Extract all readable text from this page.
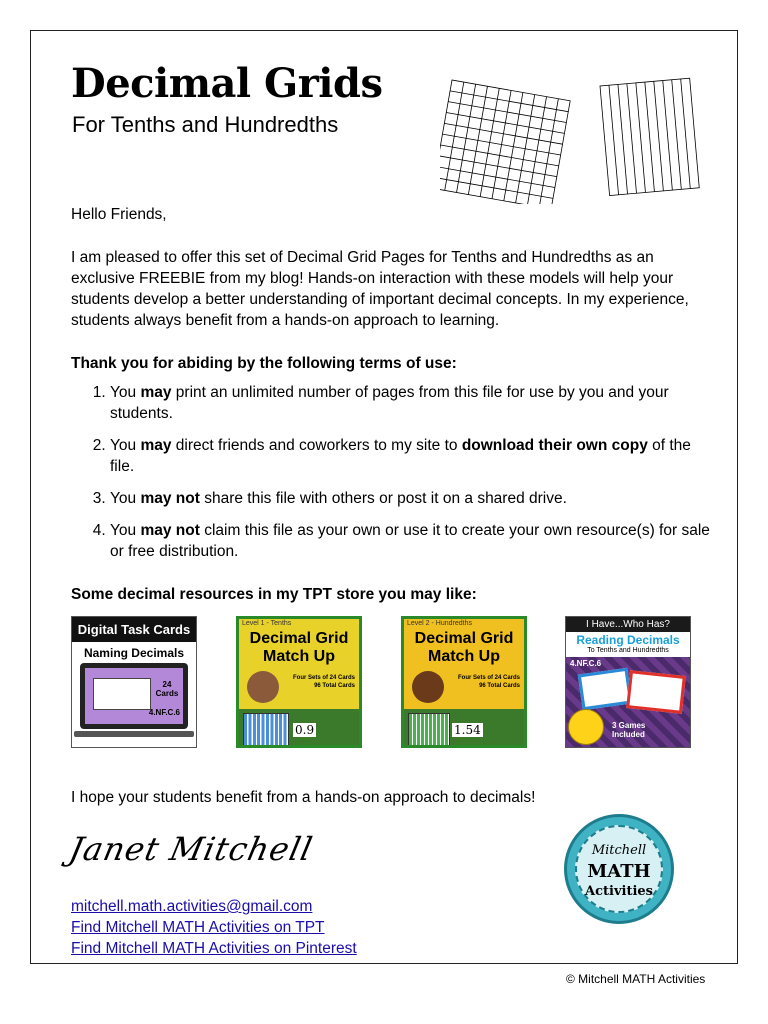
Decimal Grids
For Tenths and Hundredths

Hello Friends,

I am pleased to offer this set of Decimal Grid Pages for Tenths and Hundredths as an exclusive FREEBIE from my blog! Hands-on interaction with these models will help your students develop a better understanding of important decimal concepts. In my experience, students always benefit from a hands-on approach to learning.

Thank you for abiding by the following terms of use:

1. You may print an unlimited number of pages from this file for use by you and your students.
2. You may direct friends and coworkers to my site to download their own copy of the file.
3. You may not share this file with others or post it on a shared drive.
4. You may not claim this file as your own or use it to create your own resource(s) for sale or free distribution.

Some decimal resources in my TPT store you may like:

Digital Task Cards
Naming Decimals
24 Cards
4.NF.C.6
Level 1 - Tenths
Decimal Grid
Match Up
Four Sets of 24 Cards
96 Total Cards
0.9
Level 2 - Hundredths
Decimal Grid
Match Up
Four Sets of 24 Cards
96 Total Cards
1.54
I Have...Who Has?
Reading Decimals
To Tenths and Hundredths
4.NF.C.6
3 Games
Included

I hope your students benefit from a hands-on approach to decimals!

Janet Mitchell

mitchell.math.activities@gmail.com
Find Mitchell MATH Activities on TPT
Find Mitchell MATH Activities on Pinterest
Mitchell
MATH
Activities
© Mitchell MATH Activities
